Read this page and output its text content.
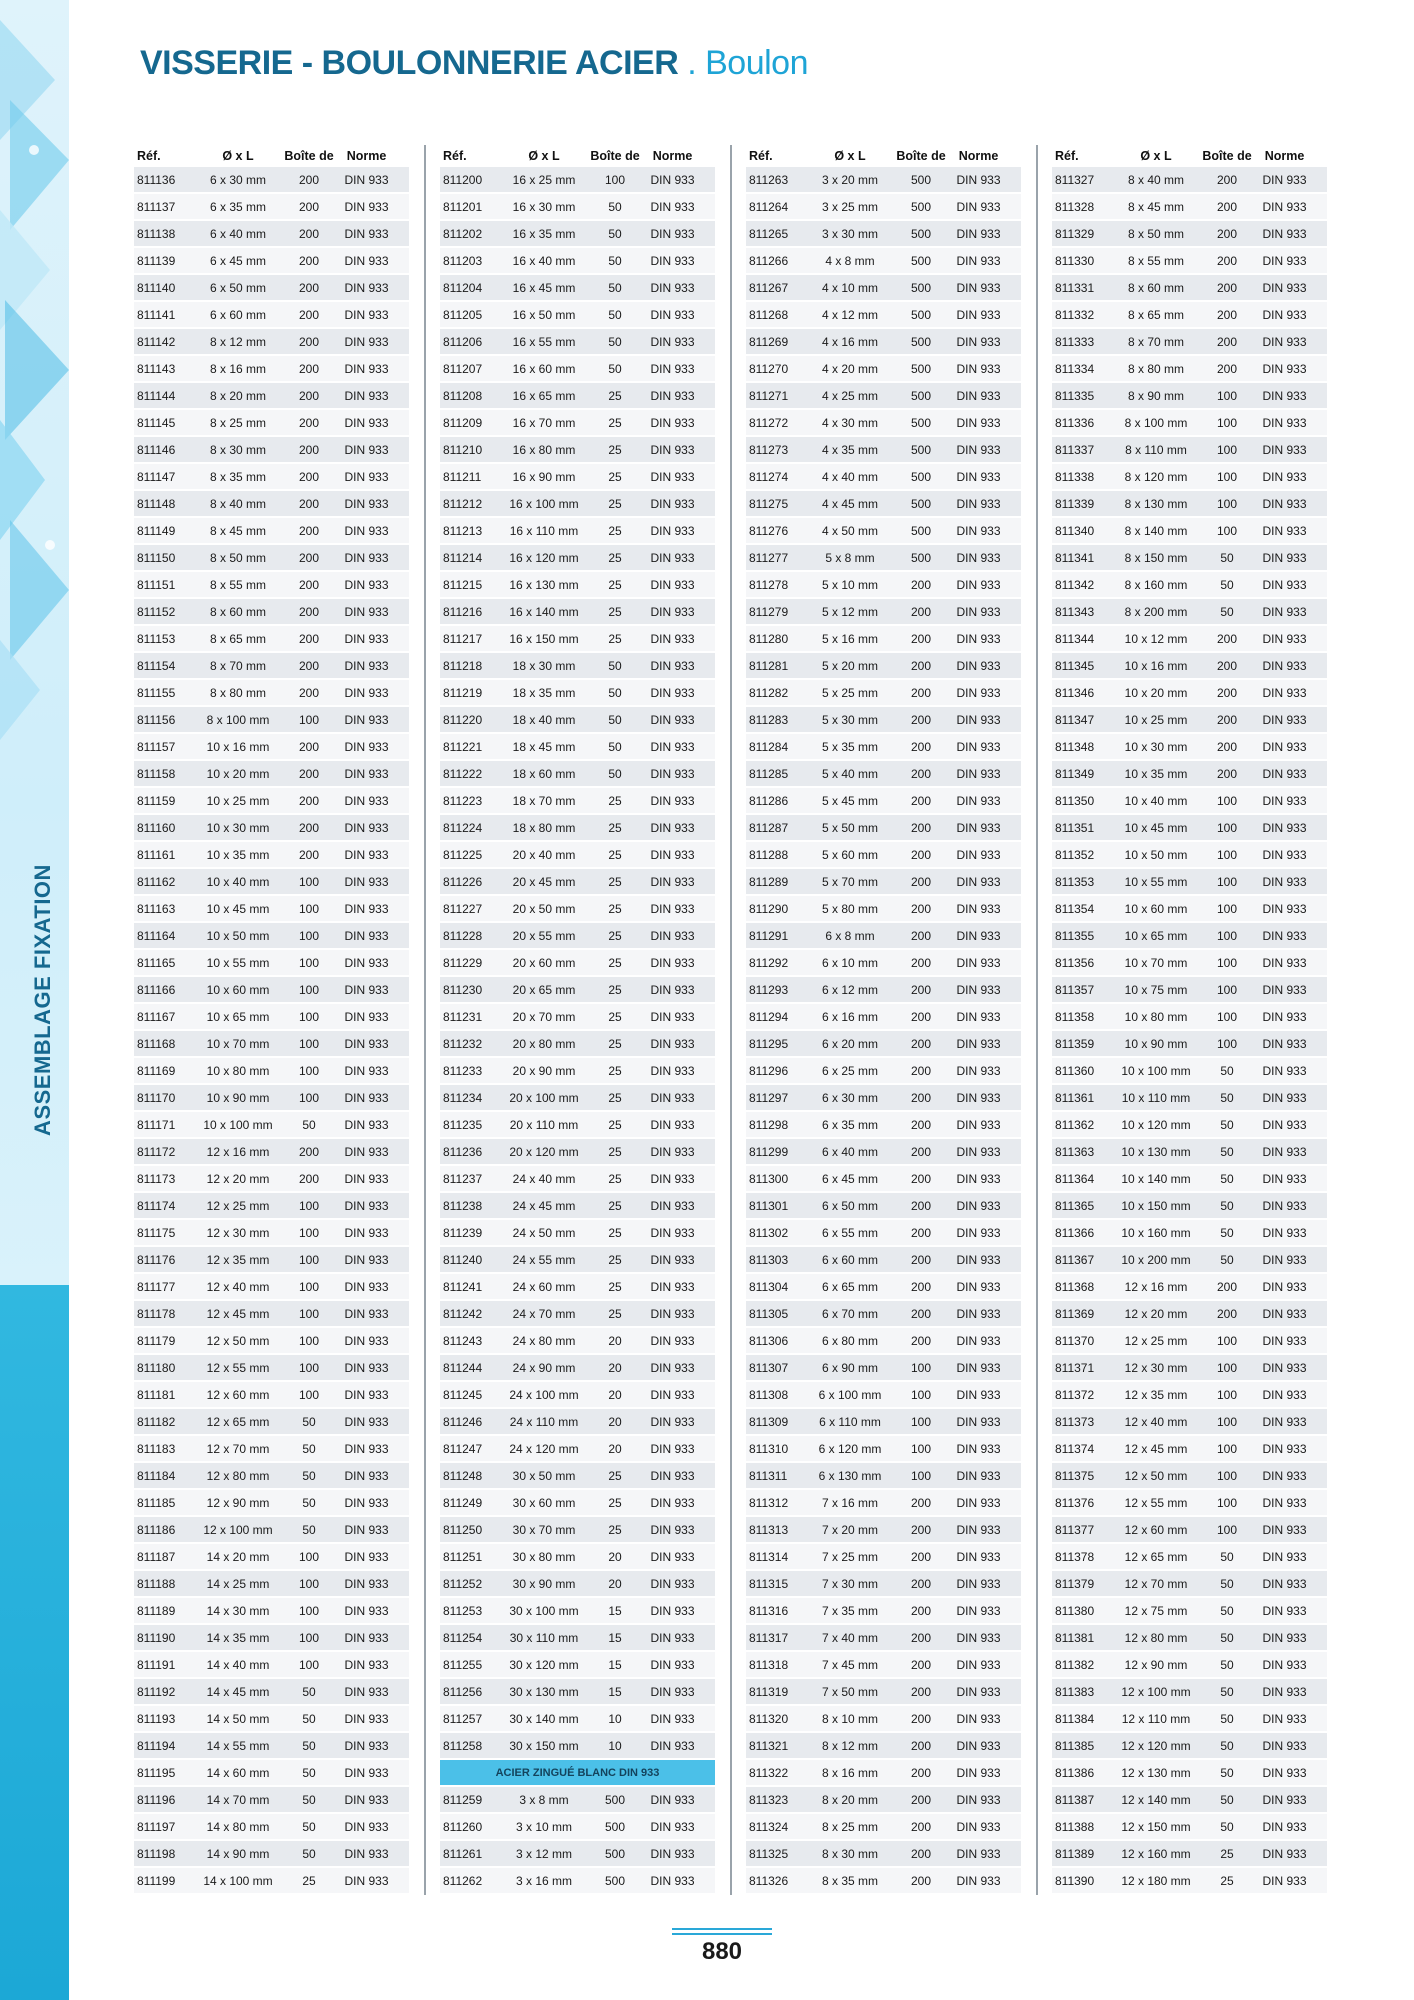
ASSEMBLAGE FIXATION
VISSERIE - BOULONNERIE ACIER . Boulon
Réf.	Ø x L	Boîte de	Norme
811136	6 x 30 mm	200	DIN 933
811137	6 x 35 mm	200	DIN 933
811138	6 x 40 mm	200	DIN 933
811139	6 x 45 mm	200	DIN 933
811140	6 x 50 mm	200	DIN 933
811141	6 x 60 mm	200	DIN 933
811142	8 x 12 mm	200	DIN 933
811143	8 x 16 mm	200	DIN 933
811144	8 x 20 mm	200	DIN 933
811145	8 x 25 mm	200	DIN 933
811146	8 x 30 mm	200	DIN 933
811147	8 x 35 mm	200	DIN 933
811148	8 x 40 mm	200	DIN 933
811149	8 x 45 mm	200	DIN 933
811150	8 x 50 mm	200	DIN 933
811151	8 x 55 mm	200	DIN 933
811152	8 x 60 mm	200	DIN 933
811153	8 x 65 mm	200	DIN 933
811154	8 x 70 mm	200	DIN 933
811155	8 x 80 mm	200	DIN 933
811156	8 x 100 mm	100	DIN 933
811157	10 x 16 mm	200	DIN 933
811158	10 x 20 mm	200	DIN 933
811159	10 x 25 mm	200	DIN 933
811160	10 x 30 mm	200	DIN 933
811161	10 x 35 mm	200	DIN 933
811162	10 x 40 mm	100	DIN 933
811163	10 x 45 mm	100	DIN 933
811164	10 x 50 mm	100	DIN 933
811165	10 x 55 mm	100	DIN 933
811166	10 x 60 mm	100	DIN 933
811167	10 x 65 mm	100	DIN 933
811168	10 x 70 mm	100	DIN 933
811169	10 x 80 mm	100	DIN 933
811170	10 x 90 mm	100	DIN 933
811171	10 x 100 mm	50	DIN 933
811172	12 x 16 mm	200	DIN 933
811173	12 x 20 mm	200	DIN 933
811174	12 x 25 mm	100	DIN 933
811175	12 x 30 mm	100	DIN 933
811176	12 x 35 mm	100	DIN 933
811177	12 x 40 mm	100	DIN 933
811178	12 x 45 mm	100	DIN 933
811179	12 x 50 mm	100	DIN 933
811180	12 x 55 mm	100	DIN 933
811181	12 x 60 mm	100	DIN 933
811182	12 x 65 mm	50	DIN 933
811183	12 x 70 mm	50	DIN 933
811184	12 x 80 mm	50	DIN 933
811185	12 x 90 mm	50	DIN 933
811186	12 x 100 mm	50	DIN 933
811187	14 x 20 mm	100	DIN 933
811188	14 x 25 mm	100	DIN 933
811189	14 x 30 mm	100	DIN 933
811190	14 x 35 mm	100	DIN 933
811191	14 x 40 mm	100	DIN 933
811192	14 x 45 mm	50	DIN 933
811193	14 x 50 mm	50	DIN 933
811194	14 x 55 mm	50	DIN 933
811195	14 x 60 mm	50	DIN 933
811196	14 x 70 mm	50	DIN 933
811197	14 x 80 mm	50	DIN 933
811198	14 x 90 mm	50	DIN 933
811199	14 x 100 mm	25	DIN 933
Réf.	Ø x L	Boîte de	Norme
811200	16 x 25 mm	100	DIN 933
811201	16 x 30 mm	50	DIN 933
811202	16 x 35 mm	50	DIN 933
811203	16 x 40 mm	50	DIN 933
811204	16 x 45 mm	50	DIN 933
811205	16 x 50 mm	50	DIN 933
811206	16 x 55 mm	50	DIN 933
811207	16 x 60 mm	50	DIN 933
811208	16 x 65 mm	25	DIN 933
811209	16 x 70 mm	25	DIN 933
811210	16 x 80 mm	25	DIN 933
811211	16 x 90 mm	25	DIN 933
811212	16 x 100 mm	25	DIN 933
811213	16 x 110 mm	25	DIN 933
811214	16 x 120 mm	25	DIN 933
811215	16 x 130 mm	25	DIN 933
811216	16 x 140 mm	25	DIN 933
811217	16 x 150 mm	25	DIN 933
811218	18 x 30 mm	50	DIN 933
811219	18 x 35 mm	50	DIN 933
811220	18 x 40 mm	50	DIN 933
811221	18 x 45 mm	50	DIN 933
811222	18 x 60 mm	50	DIN 933
811223	18 x 70 mm	25	DIN 933
811224	18 x 80 mm	25	DIN 933
811225	20 x 40 mm	25	DIN 933
811226	20 x 45 mm	25	DIN 933
811227	20 x 50 mm	25	DIN 933
811228	20 x 55 mm	25	DIN 933
811229	20 x 60 mm	25	DIN 933
811230	20 x 65 mm	25	DIN 933
811231	20 x 70 mm	25	DIN 933
811232	20 x 80 mm	25	DIN 933
811233	20 x 90 mm	25	DIN 933
811234	20 x 100 mm	25	DIN 933
811235	20 x 110 mm	25	DIN 933
811236	20 x 120 mm	25	DIN 933
811237	24 x 40 mm	25	DIN 933
811238	24 x 45 mm	25	DIN 933
811239	24 x 50 mm	25	DIN 933
811240	24 x 55 mm	25	DIN 933
811241	24 x 60 mm	25	DIN 933
811242	24 x 70 mm	25	DIN 933
811243	24 x 80 mm	20	DIN 933
811244	24 x 90 mm	20	DIN 933
811245	24 x 100 mm	20	DIN 933
811246	24 x 110 mm	20	DIN 933
811247	24 x 120 mm	20	DIN 933
811248	30 x 50 mm	25	DIN 933
811249	30 x 60 mm	25	DIN 933
811250	30 x 70 mm	25	DIN 933
811251	30 x 80 mm	20	DIN 933
811252	30 x 90 mm	20	DIN 933
811253	30 x 100 mm	15	DIN 933
811254	30 x 110 mm	15	DIN 933
811255	30 x 120 mm	15	DIN 933
811256	30 x 130 mm	15	DIN 933
811257	30 x 140 mm	10	DIN 933
811258	30 x 150 mm	10	DIN 933
ACIER ZINGUÉ BLANC DIN 933
811259	3 x 8 mm	500	DIN 933
811260	3 x 10 mm	500	DIN 933
811261	3 x 12 mm	500	DIN 933
811262	3 x 16 mm	500	DIN 933
Réf.	Ø x L	Boîte de	Norme
811263	3 x 20 mm	500	DIN 933
811264	3 x 25 mm	500	DIN 933
811265	3 x 30 mm	500	DIN 933
811266	4 x 8 mm	500	DIN 933
811267	4 x 10 mm	500	DIN 933
811268	4 x 12 mm	500	DIN 933
811269	4 x 16 mm	500	DIN 933
811270	4 x 20 mm	500	DIN 933
811271	4 x 25 mm	500	DIN 933
811272	4 x 30 mm	500	DIN 933
811273	4 x 35 mm	500	DIN 933
811274	4 x 40 mm	500	DIN 933
811275	4 x 45 mm	500	DIN 933
811276	4 x 50 mm	500	DIN 933
811277	5 x 8 mm	500	DIN 933
811278	5 x 10 mm	200	DIN 933
811279	5 x 12 mm	200	DIN 933
811280	5 x 16 mm	200	DIN 933
811281	5 x 20 mm	200	DIN 933
811282	5 x 25 mm	200	DIN 933
811283	5 x 30 mm	200	DIN 933
811284	5 x 35 mm	200	DIN 933
811285	5 x 40 mm	200	DIN 933
811286	5 x 45 mm	200	DIN 933
811287	5 x 50 mm	200	DIN 933
811288	5 x 60 mm	200	DIN 933
811289	5 x 70 mm	200	DIN 933
811290	5 x 80 mm	200	DIN 933
811291	6 x 8 mm	200	DIN 933
811292	6 x 10 mm	200	DIN 933
811293	6 x 12 mm	200	DIN 933
811294	6 x 16 mm	200	DIN 933
811295	6 x 20 mm	200	DIN 933
811296	6 x 25 mm	200	DIN 933
811297	6 x 30 mm	200	DIN 933
811298	6 x 35 mm	200	DIN 933
811299	6 x 40 mm	200	DIN 933
811300	6 x 45 mm	200	DIN 933
811301	6 x 50 mm	200	DIN 933
811302	6 x 55 mm	200	DIN 933
811303	6 x 60 mm	200	DIN 933
811304	6 x 65 mm	200	DIN 933
811305	6 x 70 mm	200	DIN 933
811306	6 x 80 mm	200	DIN 933
811307	6 x 90 mm	100	DIN 933
811308	6 x 100 mm	100	DIN 933
811309	6 x 110 mm	100	DIN 933
811310	6 x 120 mm	100	DIN 933
811311	6 x 130 mm	100	DIN 933
811312	7 x 16 mm	200	DIN 933
811313	7 x 20 mm	200	DIN 933
811314	7 x 25 mm	200	DIN 933
811315	7 x 30 mm	200	DIN 933
811316	7 x 35 mm	200	DIN 933
811317	7 x 40 mm	200	DIN 933
811318	7 x 45 mm	200	DIN 933
811319	7 x 50 mm	200	DIN 933
811320	8 x 10 mm	200	DIN 933
811321	8 x 12 mm	200	DIN 933
811322	8 x 16 mm	200	DIN 933
811323	8 x 20 mm	200	DIN 933
811324	8 x 25 mm	200	DIN 933
811325	8 x 30 mm	200	DIN 933
811326	8 x 35 mm	200	DIN 933
Réf.	Ø x L	Boîte de	Norme
811327	8 x 40 mm	200	DIN 933
811328	8 x 45 mm	200	DIN 933
811329	8 x 50 mm	200	DIN 933
811330	8 x 55 mm	200	DIN 933
811331	8 x 60 mm	200	DIN 933
811332	8 x 65 mm	200	DIN 933
811333	8 x 70 mm	200	DIN 933
811334	8 x 80 mm	200	DIN 933
811335	8 x 90 mm	100	DIN 933
811336	8 x 100 mm	100	DIN 933
811337	8 x 110 mm	100	DIN 933
811338	8 x 120 mm	100	DIN 933
811339	8 x 130 mm	100	DIN 933
811340	8 x 140 mm	100	DIN 933
811341	8 x 150 mm	50	DIN 933
811342	8 x 160 mm	50	DIN 933
811343	8 x 200 mm	50	DIN 933
811344	10 x 12 mm	200	DIN 933
811345	10 x 16 mm	200	DIN 933
811346	10 x 20 mm	200	DIN 933
811347	10 x 25 mm	200	DIN 933
811348	10 x 30 mm	200	DIN 933
811349	10 x 35 mm	200	DIN 933
811350	10 x 40 mm	100	DIN 933
811351	10 x 45 mm	100	DIN 933
811352	10 x 50 mm	100	DIN 933
811353	10 x 55 mm	100	DIN 933
811354	10 x 60 mm	100	DIN 933
811355	10 x 65 mm	100	DIN 933
811356	10 x 70 mm	100	DIN 933
811357	10 x 75 mm	100	DIN 933
811358	10 x 80 mm	100	DIN 933
811359	10 x 90 mm	100	DIN 933
811360	10 x 100 mm	50	DIN 933
811361	10 x 110 mm	50	DIN 933
811362	10 x 120 mm	50	DIN 933
811363	10 x 130 mm	50	DIN 933
811364	10 x 140 mm	50	DIN 933
811365	10 x 150 mm	50	DIN 933
811366	10 x 160 mm	50	DIN 933
811367	10 x 200 mm	50	DIN 933
811368	12 x 16 mm	200	DIN 933
811369	12 x 20 mm	200	DIN 933
811370	12 x 25 mm	100	DIN 933
811371	12 x 30 mm	100	DIN 933
811372	12 x 35 mm	100	DIN 933
811373	12 x 40 mm	100	DIN 933
811374	12 x 45 mm	100	DIN 933
811375	12 x 50 mm	100	DIN 933
811376	12 x 55 mm	100	DIN 933
811377	12 x 60 mm	100	DIN 933
811378	12 x 65 mm	50	DIN 933
811379	12 x 70 mm	50	DIN 933
811380	12 x 75 mm	50	DIN 933
811381	12 x 80 mm	50	DIN 933
811382	12 x 90 mm	50	DIN 933
811383	12 x 100 mm	50	DIN 933
811384	12 x 110 mm	50	DIN 933
811385	12 x 120 mm	50	DIN 933
811386	12 x 130 mm	50	DIN 933
811387	12 x 140 mm	50	DIN 933
811388	12 x 150 mm	50	DIN 933
811389	12 x 160 mm	25	DIN 933
811390	12 x 180 mm	25	DIN 933
880
